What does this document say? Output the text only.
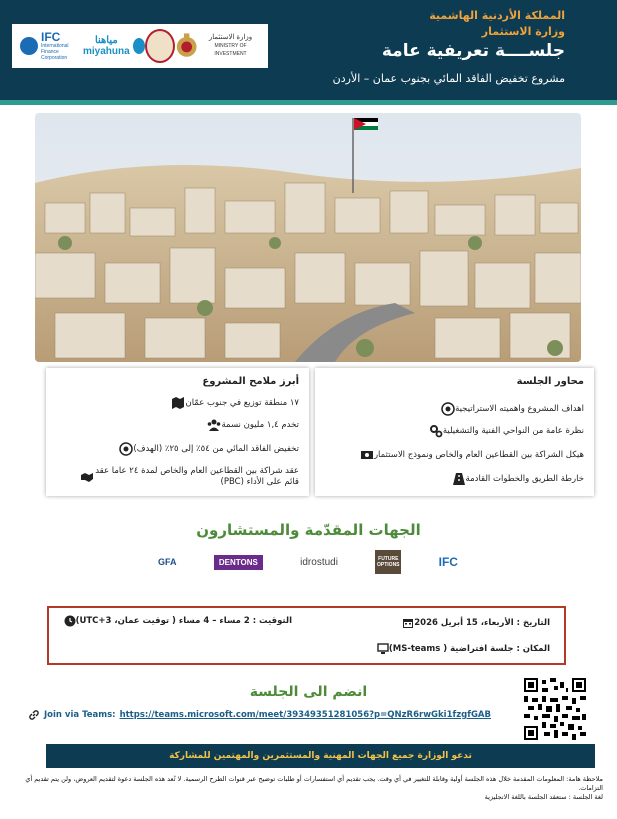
IFC
International Finance Corporation
مياهنا
miyahuna
وزارة الاستثمار
MINISTRY OF INVESTMENT
المملكة الأردنية الهاشمية
وزارة الاستثمار
جلســــة تعريفية عامة
مشروع تخفيض الفاقد المائي بجنوب عمان – الأردن
محاور الجلسة
اهداف المشروع واهميته الاستراتيجية
نظرة عامة من النواحي الفنية والتشغيلية
هيكل الشراكة بين القطاعين العام والخاص ونموذج الاستثمار
خارطة الطريق والخطوات القادمة
أبرز ملامح المشروع
١٧ منطقة توزيع في جنوب عمّان
تخدم ١,٤ مليون نسمة
تخفيض الفاقد المائي من ٥٤٪ إلى ٢٥٪ (الهدف)
عقد شراكة بين القطاعين العام والخاص لمدة ٢٤ عاما عقد قائم على الأداء (PBC)
الجهات المقدّمة والمستشارون
GFA	DENTONS	idrostudi	FUTURE OPTIONS	IFC
التاريخ : الأربعاء، 15 أبريل 2026
التوقيت : 2 مساء – 4 مساء ( توقيت عمان، UTC+3)
المكان : جلسة افتراضية ( MS-teams)
انضم الى الجلسة
Join via Teams: https://teams.microsoft.com/meet/39349351281056?p=QNzR6rwGki1fzgfGAB
تدعو الوزارة جميع الجهات المهنية والمستثمرين والمهتمين للمشاركة
ملاحظة هامة: المعلومات المقدمة خلال هذه الجلسة أولية وقابلة للتغيير في أي وقت. يجب تقديم أي استفسارات أو طلبات توضيح عبر قنوات الطرح الرسمية. لا تُعد هذه الجلسة دعوة لتقديم العروض، ولن يتم تقديم أي التزامات.
لغة الجلسة : ستعقد الجلسة باللغة الانجليزية
